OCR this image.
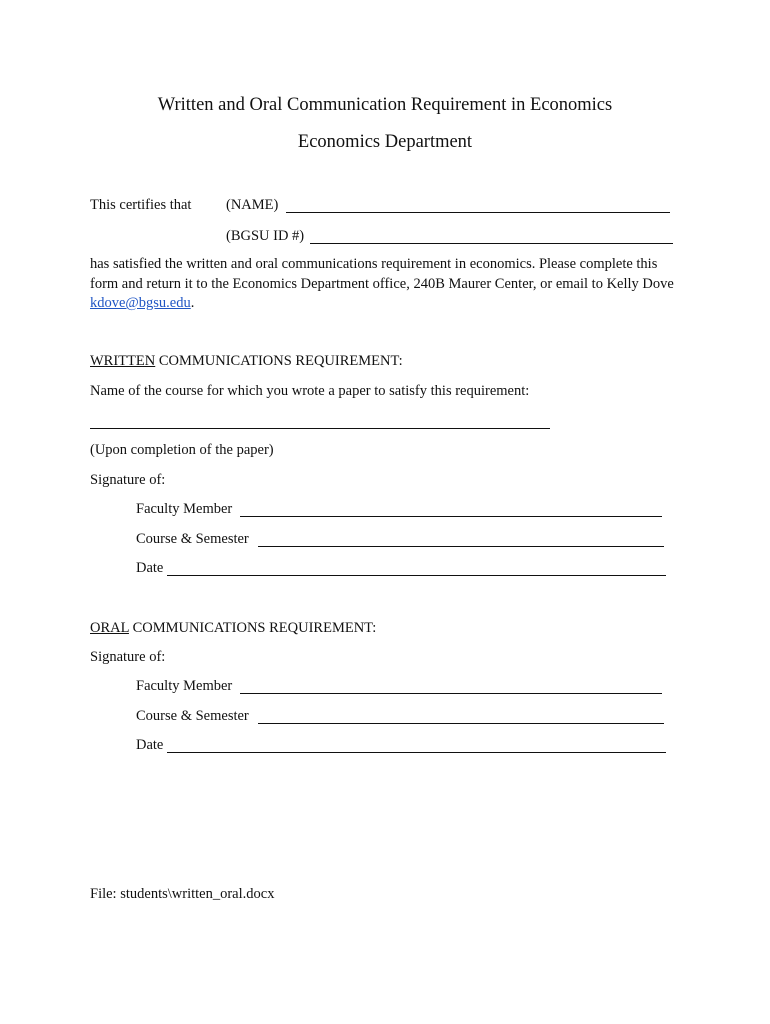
Written and Oral Communication Requirement in Economics
Economics Department
This certifies that (NAME)
(BGSU ID #)
has satisfied the written and oral communications requirement in economics. Please complete this form and return it to the Economics Department office, 240B Maurer Center, or email to Kelly Dove kdove@bgsu.edu.
WRITTEN COMMUNICATIONS REQUIREMENT:
Name of the course for which you wrote a paper to satisfy this requirement:
(Upon completion of the paper)
Signature of:
Faculty Member
Course & Semester
Date
ORAL COMMUNICATIONS REQUIREMENT:
Signature of:
Faculty Member
Course & Semester
Date
File: students\written_oral.docx
